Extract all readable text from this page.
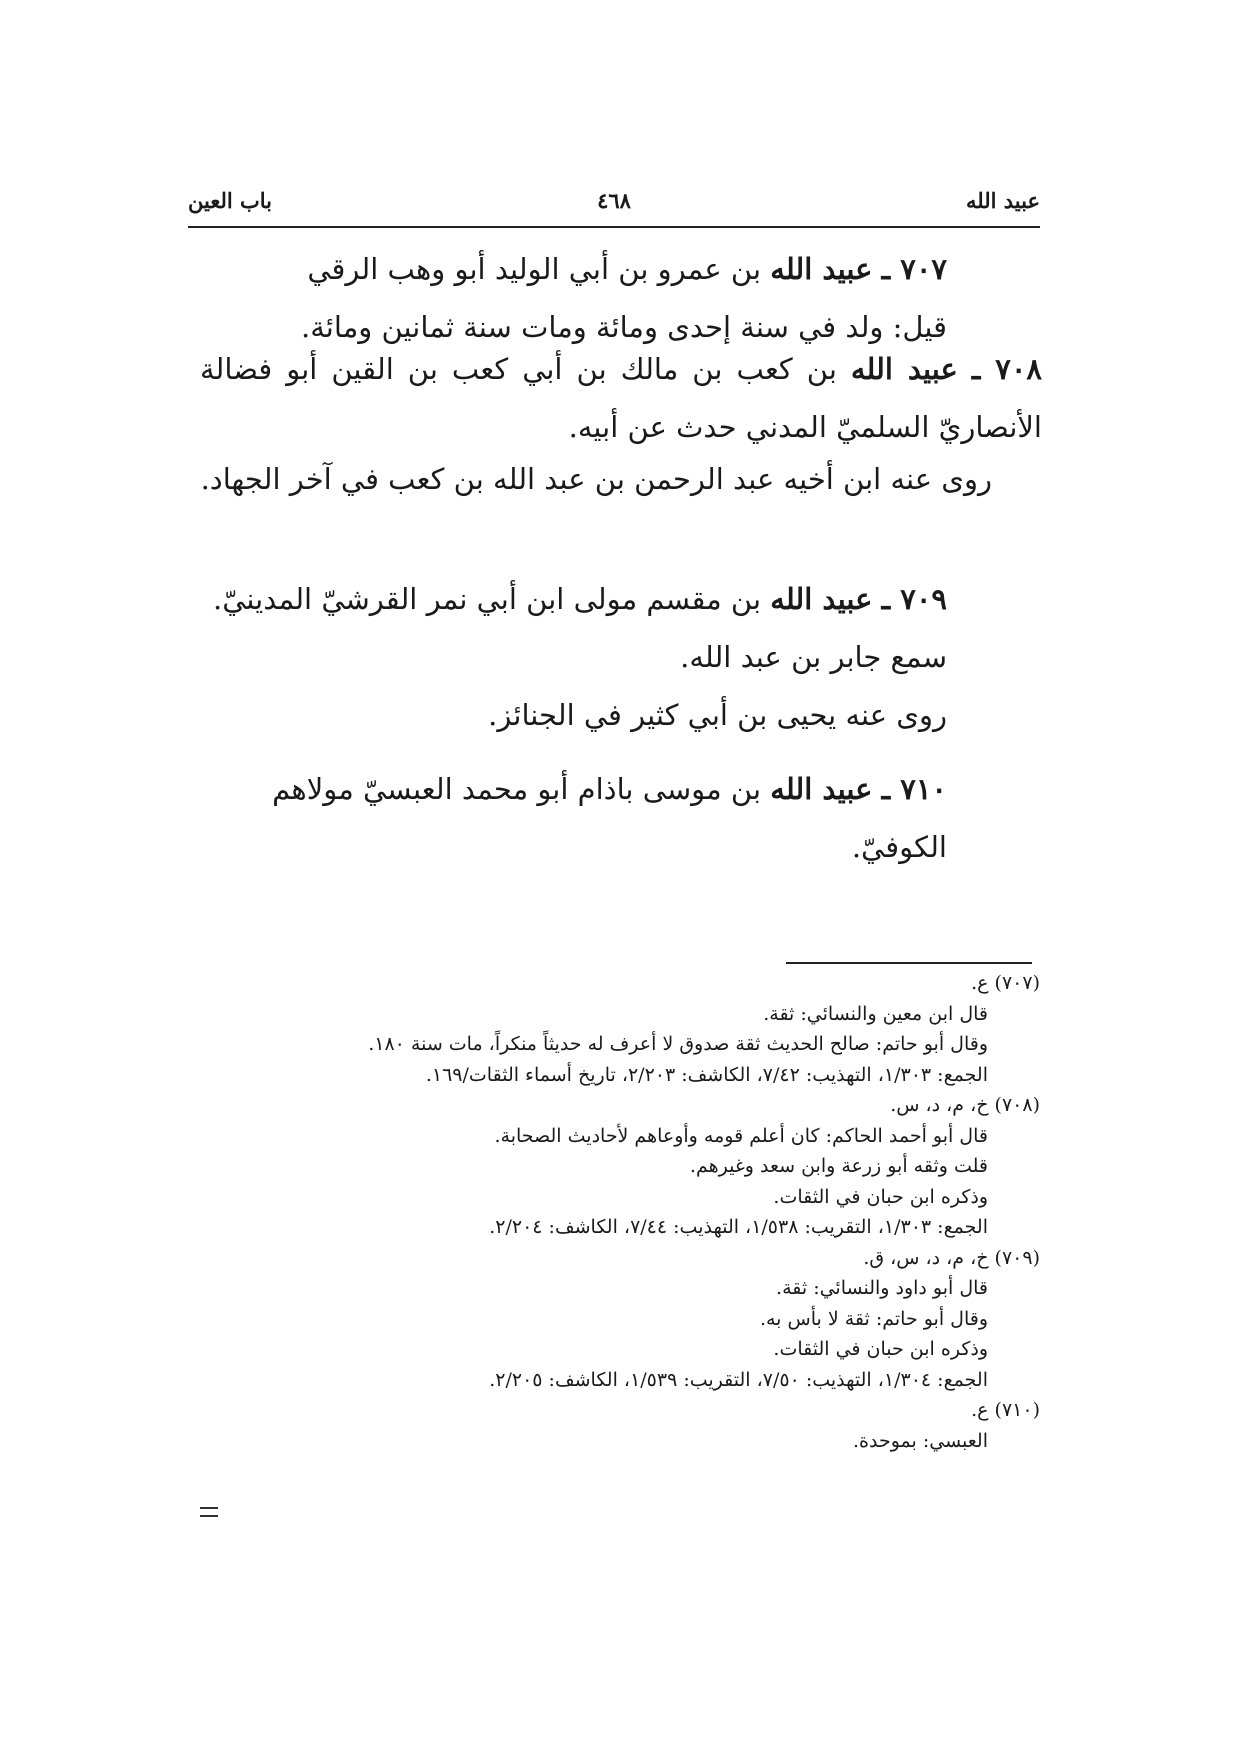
عبيد الله
٤٦٨
باب العين

٧٠٧ ـ عبيد الله بن عمرو بن أبي الوليد أبو وهب الرقي

قيل: ولد في سنة إحدى ومائة ومات سنة ثمانين ومائة.

٧٠٨ ـ عبيد الله بن كعب بن مالك بن أبي كعب بن القين أبو فضالة الأنصاريّ السلميّ المدني حدث عن أبيه.

روى عنه ابن أخيه عبد الرحمن بن عبد الله بن كعب في آخر الجهاد.

٧٠٩ ـ عبيد الله بن مقسم مولى ابن أبي نمر القرشيّ المدينيّ.

سمع جابر بن عبد الله.

روى عنه يحيى بن أبي كثير في الجنائز.

٧١٠ ـ عبيد الله بن موسى باذام أبو محمد العبسيّ مولاهم الكوفيّ.

(٧٠٧) ع.

قال ابن معين والنسائي: ثقة.

وقال أبو حاتم: صالح الحديث ثقة صدوق لا أعرف له حديثاً منكراً، مات سنة ١٨٠.

الجمع: ١/٣٠٣، التهذيب: ٧/٤٢، الكاشف: ٢/٢٠٣، تاريخ أسماء الثقات/١٦٩.

(٧٠٨) خ، م، د، س.

قال أبو أحمد الحاكم: كان أعلم قومه وأوعاهم لأحاديث الصحابة.

قلت وثقه أبو زرعة وابن سعد وغيرهم.

وذكره ابن حبان في الثقات.

الجمع: ١/٣٠٣، التقريب: ١/٥٣٨، التهذيب: ٧/٤٤، الكاشف: ٢/٢٠٤.

(٧٠٩) خ، م، د، س، ق.

قال أبو داود والنسائي: ثقة.

وقال أبو حاتم: ثقة لا بأس به.

وذكره ابن حبان في الثقات.

الجمع: ١/٣٠٤، التهذيب: ٧/٥٠، التقريب: ١/٥٣٩، الكاشف: ٢/٢٠٥.

(٧١٠) ع.

العبسي: بموحدة.
